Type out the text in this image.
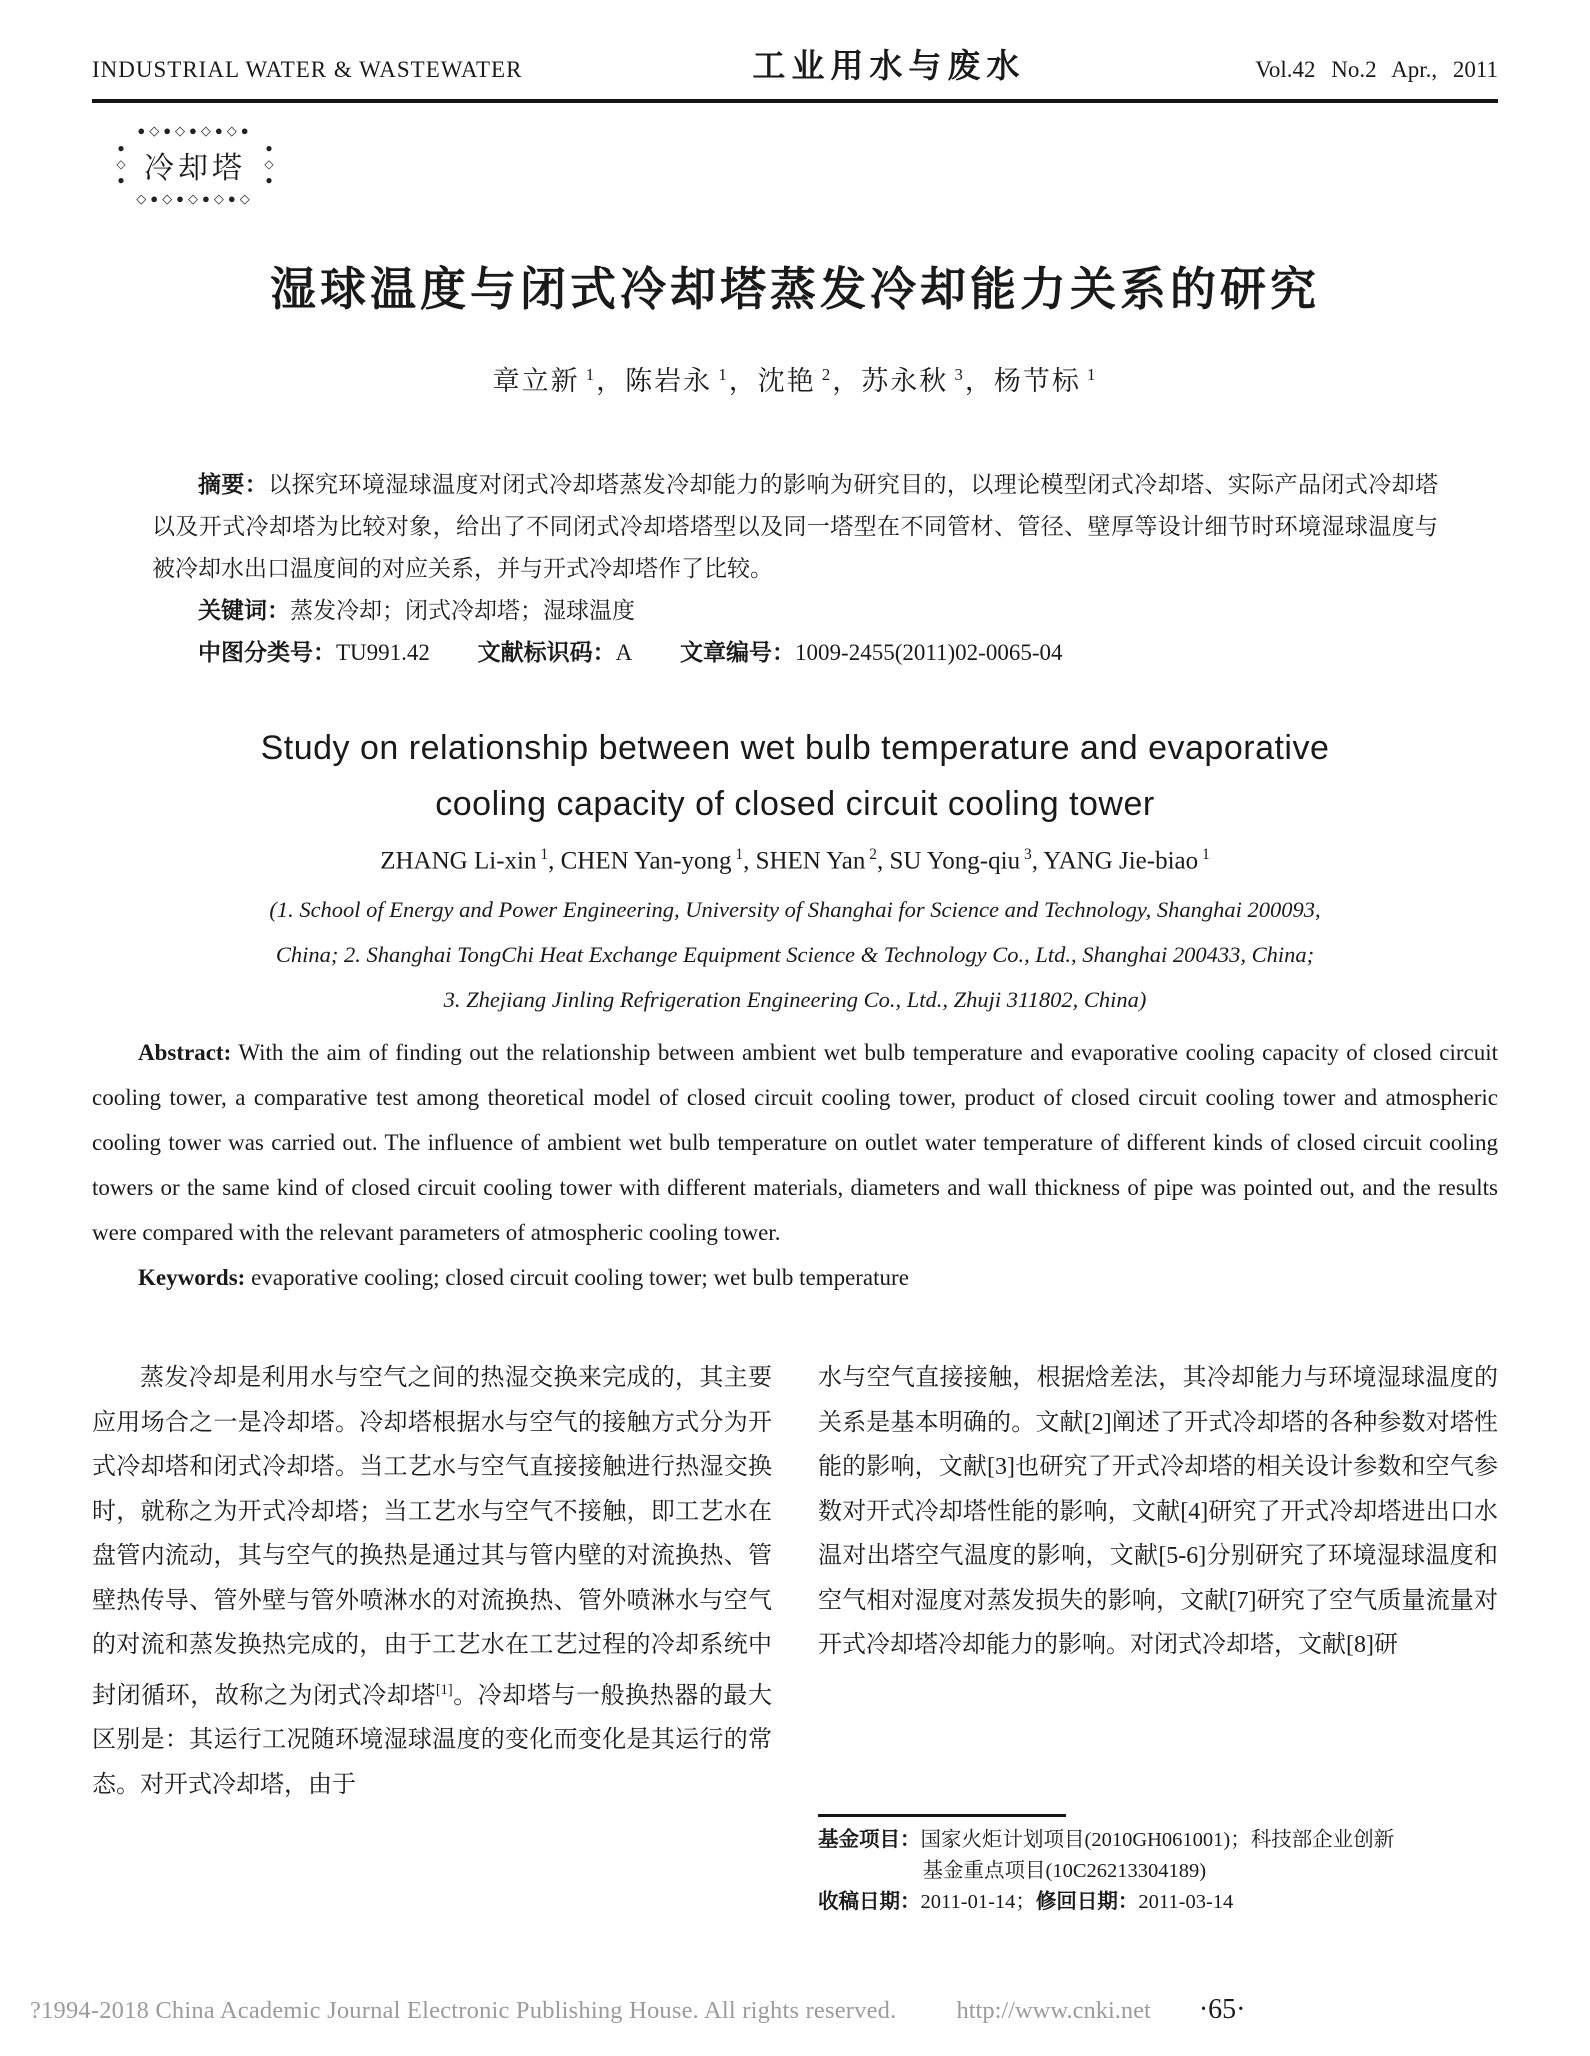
INDUSTRIAL WATER & WASTEWATER	工业用水与废水	Vol.42 No.2 Apr., 2011
●◇●◇●◇●◇● ●◇● 冷却塔 ●◇●
◇●◇●◇●◇●◇
湿球温度与闭式冷却塔蒸发冷却能力关系的研究
章立新 $^1$，陈岩永 $^1$，沈艳 $^2$，苏永秋 $^3$，杨节标 $^1$

摘要：以探究环境湿球温度对闭式冷却塔蒸发冷却能力的影响为研究目的，以理论模型闭式冷却塔、实际产品闭式冷却塔以及开式冷却塔为比较对象，给出了不同闭式冷却塔塔型以及同一塔型在不同管材、管径、壁厚等设计细节时环境湿球温度与被冷却水出口温度间的对应关系，并与开式冷却塔作了比较。

关键词：蒸发冷却；闭式冷却塔；湿球温度

中图分类号：TU991.42 文献标识码：A 文章编号：1009-2455(2011)02-0065-04

Study on relationship between wet bulb temperature and evaporative
cooling capacity of closed circuit cooling tower
ZHANG Li-xin $^1$, CHEN Yan-yong $^1$, SHEN Yan $^2$, SU Yong-qiu $^3$, YANG Jie-biao $^1$
(1. School of Energy and Power Engineering, University of Shanghai for Science and Technology, Shanghai 200093,
China; 2. Shanghai TongChi Heat Exchange Equipment Science & Technology Co., Ltd., Shanghai 200433, China;
3. Zhejiang Jinling Refrigeration Engineering Co., Ltd., Zhuji 311802, China)

Abstract: With the aim of finding out the relationship between ambient wet bulb temperature and evaporative cooling capacity of closed circuit cooling tower, a comparative test among theoretical model of closed circuit cooling tower, product of closed circuit cooling tower and atmospheric cooling tower was carried out. The influence of ambient wet bulb temperature on outlet water temperature of different kinds of closed circuit cooling towers or the same kind of closed circuit cooling tower with different materials, diameters and wall thickness of pipe was pointed out, and the results were compared with the relevant parameters of atmospheric cooling tower.

Keywords: evaporative cooling; closed circuit cooling tower; wet bulb temperature

蒸发冷却是利用水与空气之间的热湿交换来完成的，其主要应用场合之一是冷却塔。冷却塔根据水与空气的接触方式分为开式冷却塔和闭式冷却塔。当工艺水与空气直接接触进行热湿交换时，就称之为开式冷却塔；当工艺水与空气不接触，即工艺水在盘管内流动，其与空气的换热是通过其与管内壁的对流换热、管壁热传导、管外壁与管外喷淋水的对流换热、管外喷淋水与空气的对流和蒸发换热完成的，由于工艺水在工艺过程的冷却系统中封闭循环，故称之为闭式冷却塔[1]。冷却塔与一般换热器的最大区别是：其运行工况随环境湿球温度的变化而变化是其运行的常态。对开式冷却塔，由于

水与空气直接接触，根据焓差法，其冷却能力与环境湿球温度的关系是基本明确的。文献[2]阐述了开式冷却塔的各种参数对塔性能的影响，文献[3]也研究了开式冷却塔的相关设计参数和空气参数对开式冷却塔性能的影响，文献[4]研究了开式冷却塔进出口水温对出塔空气温度的影响，文献[5-6]分别研究了环境湿球温度和空气相对湿度对蒸发损失的影响，文献[7]研究了空气质量流量对开式冷却塔冷却能力的影响。对闭式冷却塔，文献[8]研

基金项目：国家火炬计划项目(2010GH061001)；科技部企业创新

基金重点项目(10C26213304189)

收稿日期：2011-01-14；修回日期：2011-03-14

?1994-2018 China Academic Journal Electronic Publishing House. All rights reserved. http://www.cnki.net ·65·
